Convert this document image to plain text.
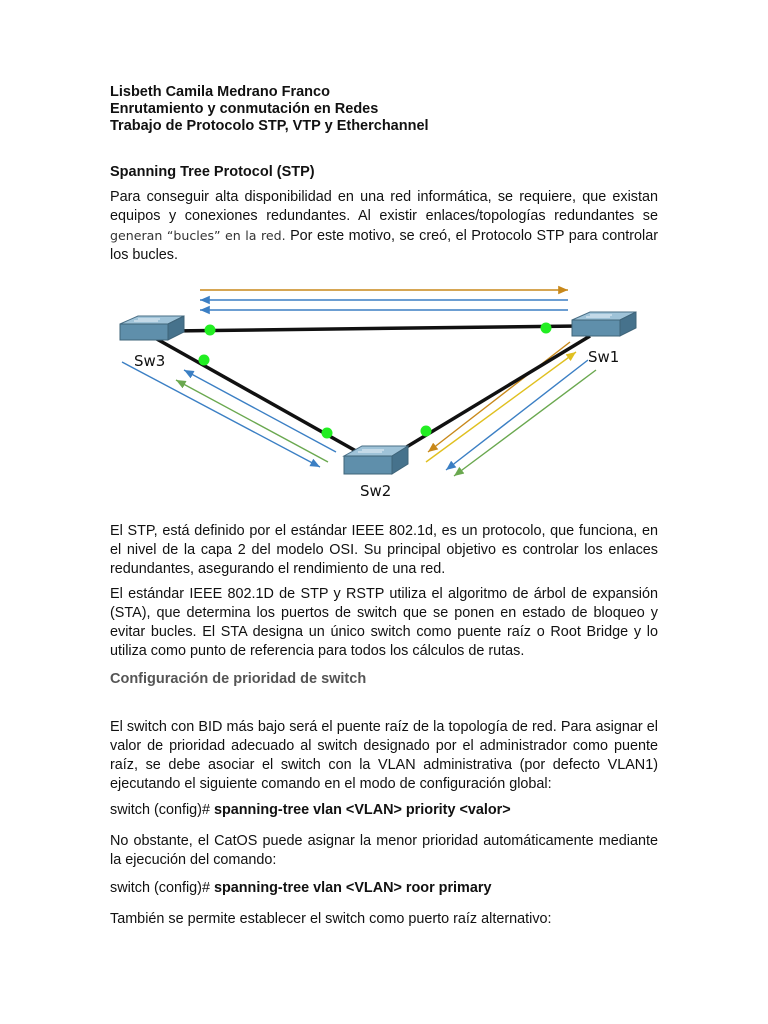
Lisbeth Camila Medrano Franco
Enrutamiento y conmutación en Redes
Trabajo de Protocolo STP, VTP y Etherchannel
Spanning Tree Protocol (STP)
Para conseguir alta disponibilidad en una red informática, se requiere, que existan equipos y conexiones redundantes. Al existir enlaces/topologías redundantes se generan “bucles” en la red. Por este motivo, se creó, el Protocolo STP para controlar los bucles.
Sw3	Sw1
Sw2
El STP, está definido por el estándar IEEE 802.1d, es un protocolo, que funciona, en el nivel de la capa 2 del modelo OSI. Su principal objetivo es controlar los enlaces redundantes, asegurando el rendimiento de una red.
El estándar IEEE 802.1D de STP y RSTP utiliza el algoritmo de árbol de expansión (STA), que determina los puertos de switch que se ponen en estado de bloqueo y evitar bucles. El STA designa un único switch como puente raíz o Root Bridge y lo utiliza como punto de referencia para todos los cálculos de rutas.
Configuración de prioridad de switch
El switch con BID más bajo será el puente raíz de la topología de red. Para asignar el valor de prioridad adecuado al switch designado por el administrador como puente raíz, se debe asociar el switch con la VLAN administrativa (por defecto VLAN1) ejecutando el siguiente comando en el modo de configuración global:
switch (config)# spanning-tree vlan <VLAN> priority <valor>
No obstante, el CatOS puede asignar la menor prioridad automáticamente mediante la ejecución del comando:
switch (config)# spanning-tree vlan <VLAN> roor primary
También se permite establecer el switch como puerto raíz alternativo:
